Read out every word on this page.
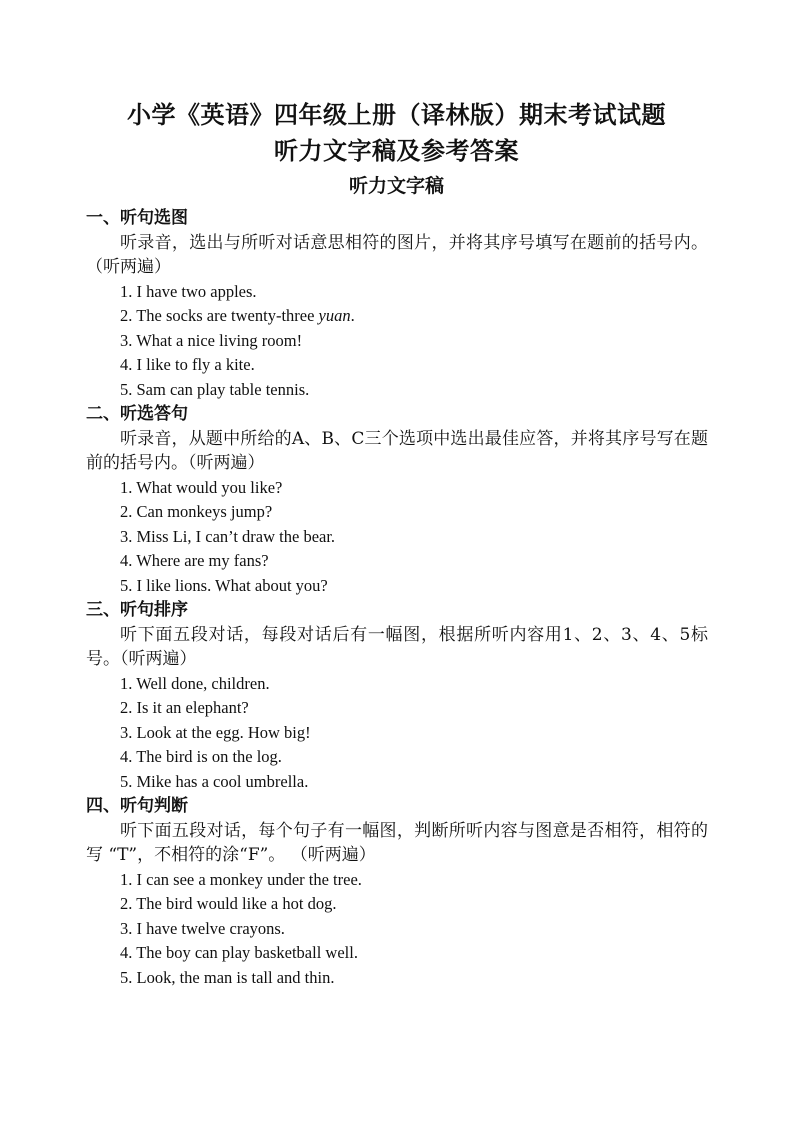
小学《英语》四年级上册（译林版）期末考试试题
听力文字稿及参考答案
听力文字稿
一、听句选图
听录音，选出与所听对话意思相符的图片，并将其序号填写在题前的括号内。（听两遍）
1. I have two apples.
2. The socks are twenty-three yuan.
3. What a nice living room!
4. I like to fly a kite.
5. Sam can play table tennis.
二、听选答句
听录音，从题中所给的A、B、C三个选项中选出最佳应答，并将其序号写在题前的括号内。（听两遍）
1. What would you like?
2. Can monkeys jump?
3. Miss Li, I can’t draw the bear.
4. Where are my fans?
5. I like lions. What about you?
三、听句排序
听下面五段对话，每段对话后有一幅图，根据所听内容用1、2、3、4、5标号。（听两遍）
1. Well done, children.
2. Is it an elephant?
3. Look at the egg. How big!
4. The bird is on the log.
5. Mike has a cool umbrella.
四、听句判断
听下面五段对话，每个句子有一幅图，判断所听内容与图意是否相符，相符的写 “T”，不相符的涂“F”。 （听两遍）
1. I can see a monkey under the tree.
2. The bird would like a hot dog.
3. I have twelve crayons.
4. The boy can play basketball well.
5. Look, the man is tall and thin.
